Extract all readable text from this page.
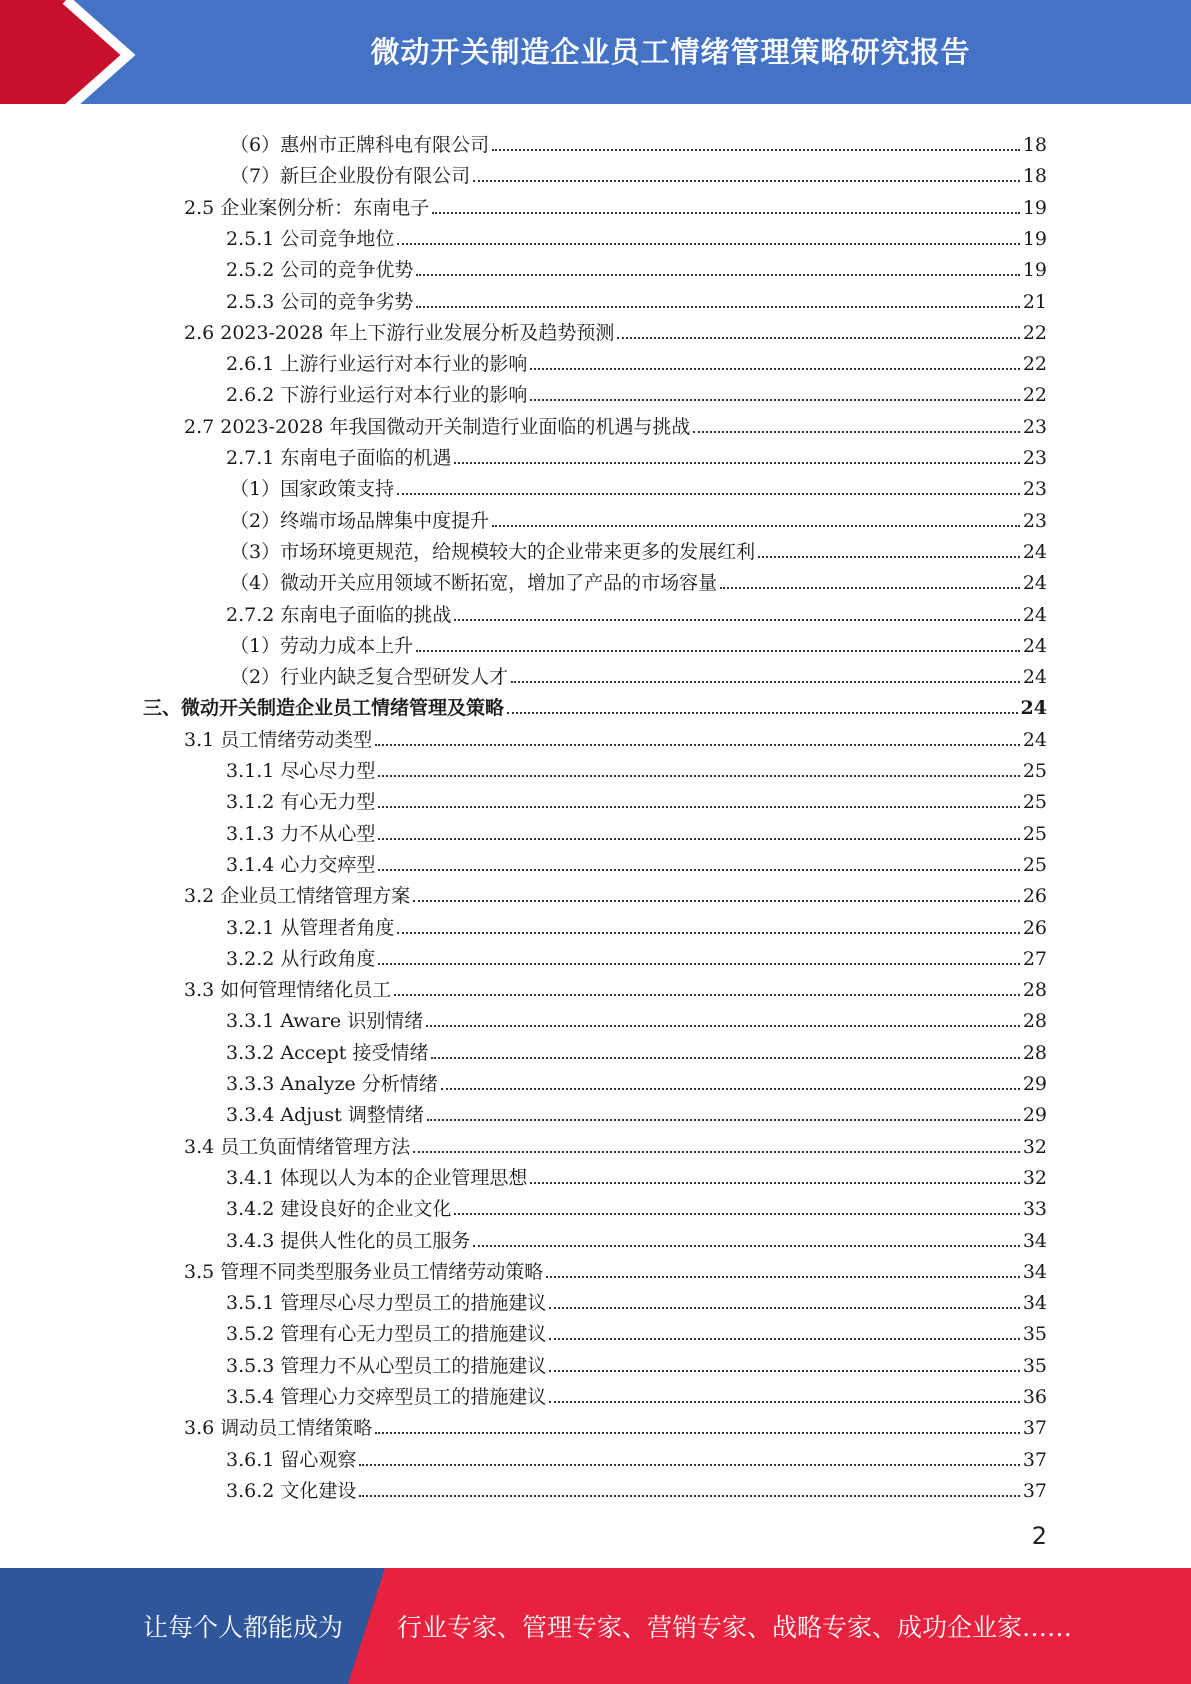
微动开关制造企业员工情绪管理策略研究报告
（6）惠州市正牌科电有限公司	18
（7）新巨企业股份有限公司	18
2.5 企业案例分析：东南电子	19
2.5.1 公司竞争地位	19
2.5.2 公司的竞争优势	19
2.5.3 公司的竞争劣势	21
2.6 2023-2028 年上下游行业发展分析及趋势预测	22
2.6.1 上游行业运行对本行业的影响	22
2.6.2 下游行业运行对本行业的影响	22
2.7 2023-2028 年我国微动开关制造行业面临的机遇与挑战	23
2.7.1 东南电子面临的机遇	23
（1）国家政策支持	23
（2）终端市场品牌集中度提升	23
（3）市场环境更规范，给规模较大的企业带来更多的发展红利	24
（4）微动开关应用领域不断拓宽，增加了产品的市场容量	24
2.7.2 东南电子面临的挑战	24
（1）劳动力成本上升	24
（2）行业内缺乏复合型研发人才	24
三、微动开关制造企业员工情绪管理及策略	24
3.1 员工情绪劳动类型	24
3.1.1 尽心尽力型	25
3.1.2 有心无力型	25
3.1.3 力不从心型	25
3.1.4 心力交瘁型	25
3.2 企业员工情绪管理方案	26
3.2.1 从管理者角度	26
3.2.2 从行政角度	27
3.3 如何管理情绪化员工	28
3.3.1 Aware 识别情绪	28
3.3.2 Accept 接受情绪	28
3.3.3 Analyze 分析情绪	29
3.3.4 Adjust 调整情绪	29
3.4 员工负面情绪管理方法	32
3.4.1 体现以人为本的企业管理思想	32
3.4.2 建设良好的企业文化	33
3.4.3 提供人性化的员工服务	34
3.5 管理不同类型服务业员工情绪劳动策略	34
3.5.1 管理尽心尽力型员工的措施建议	34
3.5.2 管理有心无力型员工的措施建议	35
3.5.3 管理力不从心型员工的措施建议	35
3.5.4 管理心力交瘁型员工的措施建议	36
3.6 调动员工情绪策略	37
3.6.1 留心观察	37
3.6.2 文化建设	37
2
让每个人都能成为 行业专家、管理专家、营销专家、战略专家、成功企业家……
